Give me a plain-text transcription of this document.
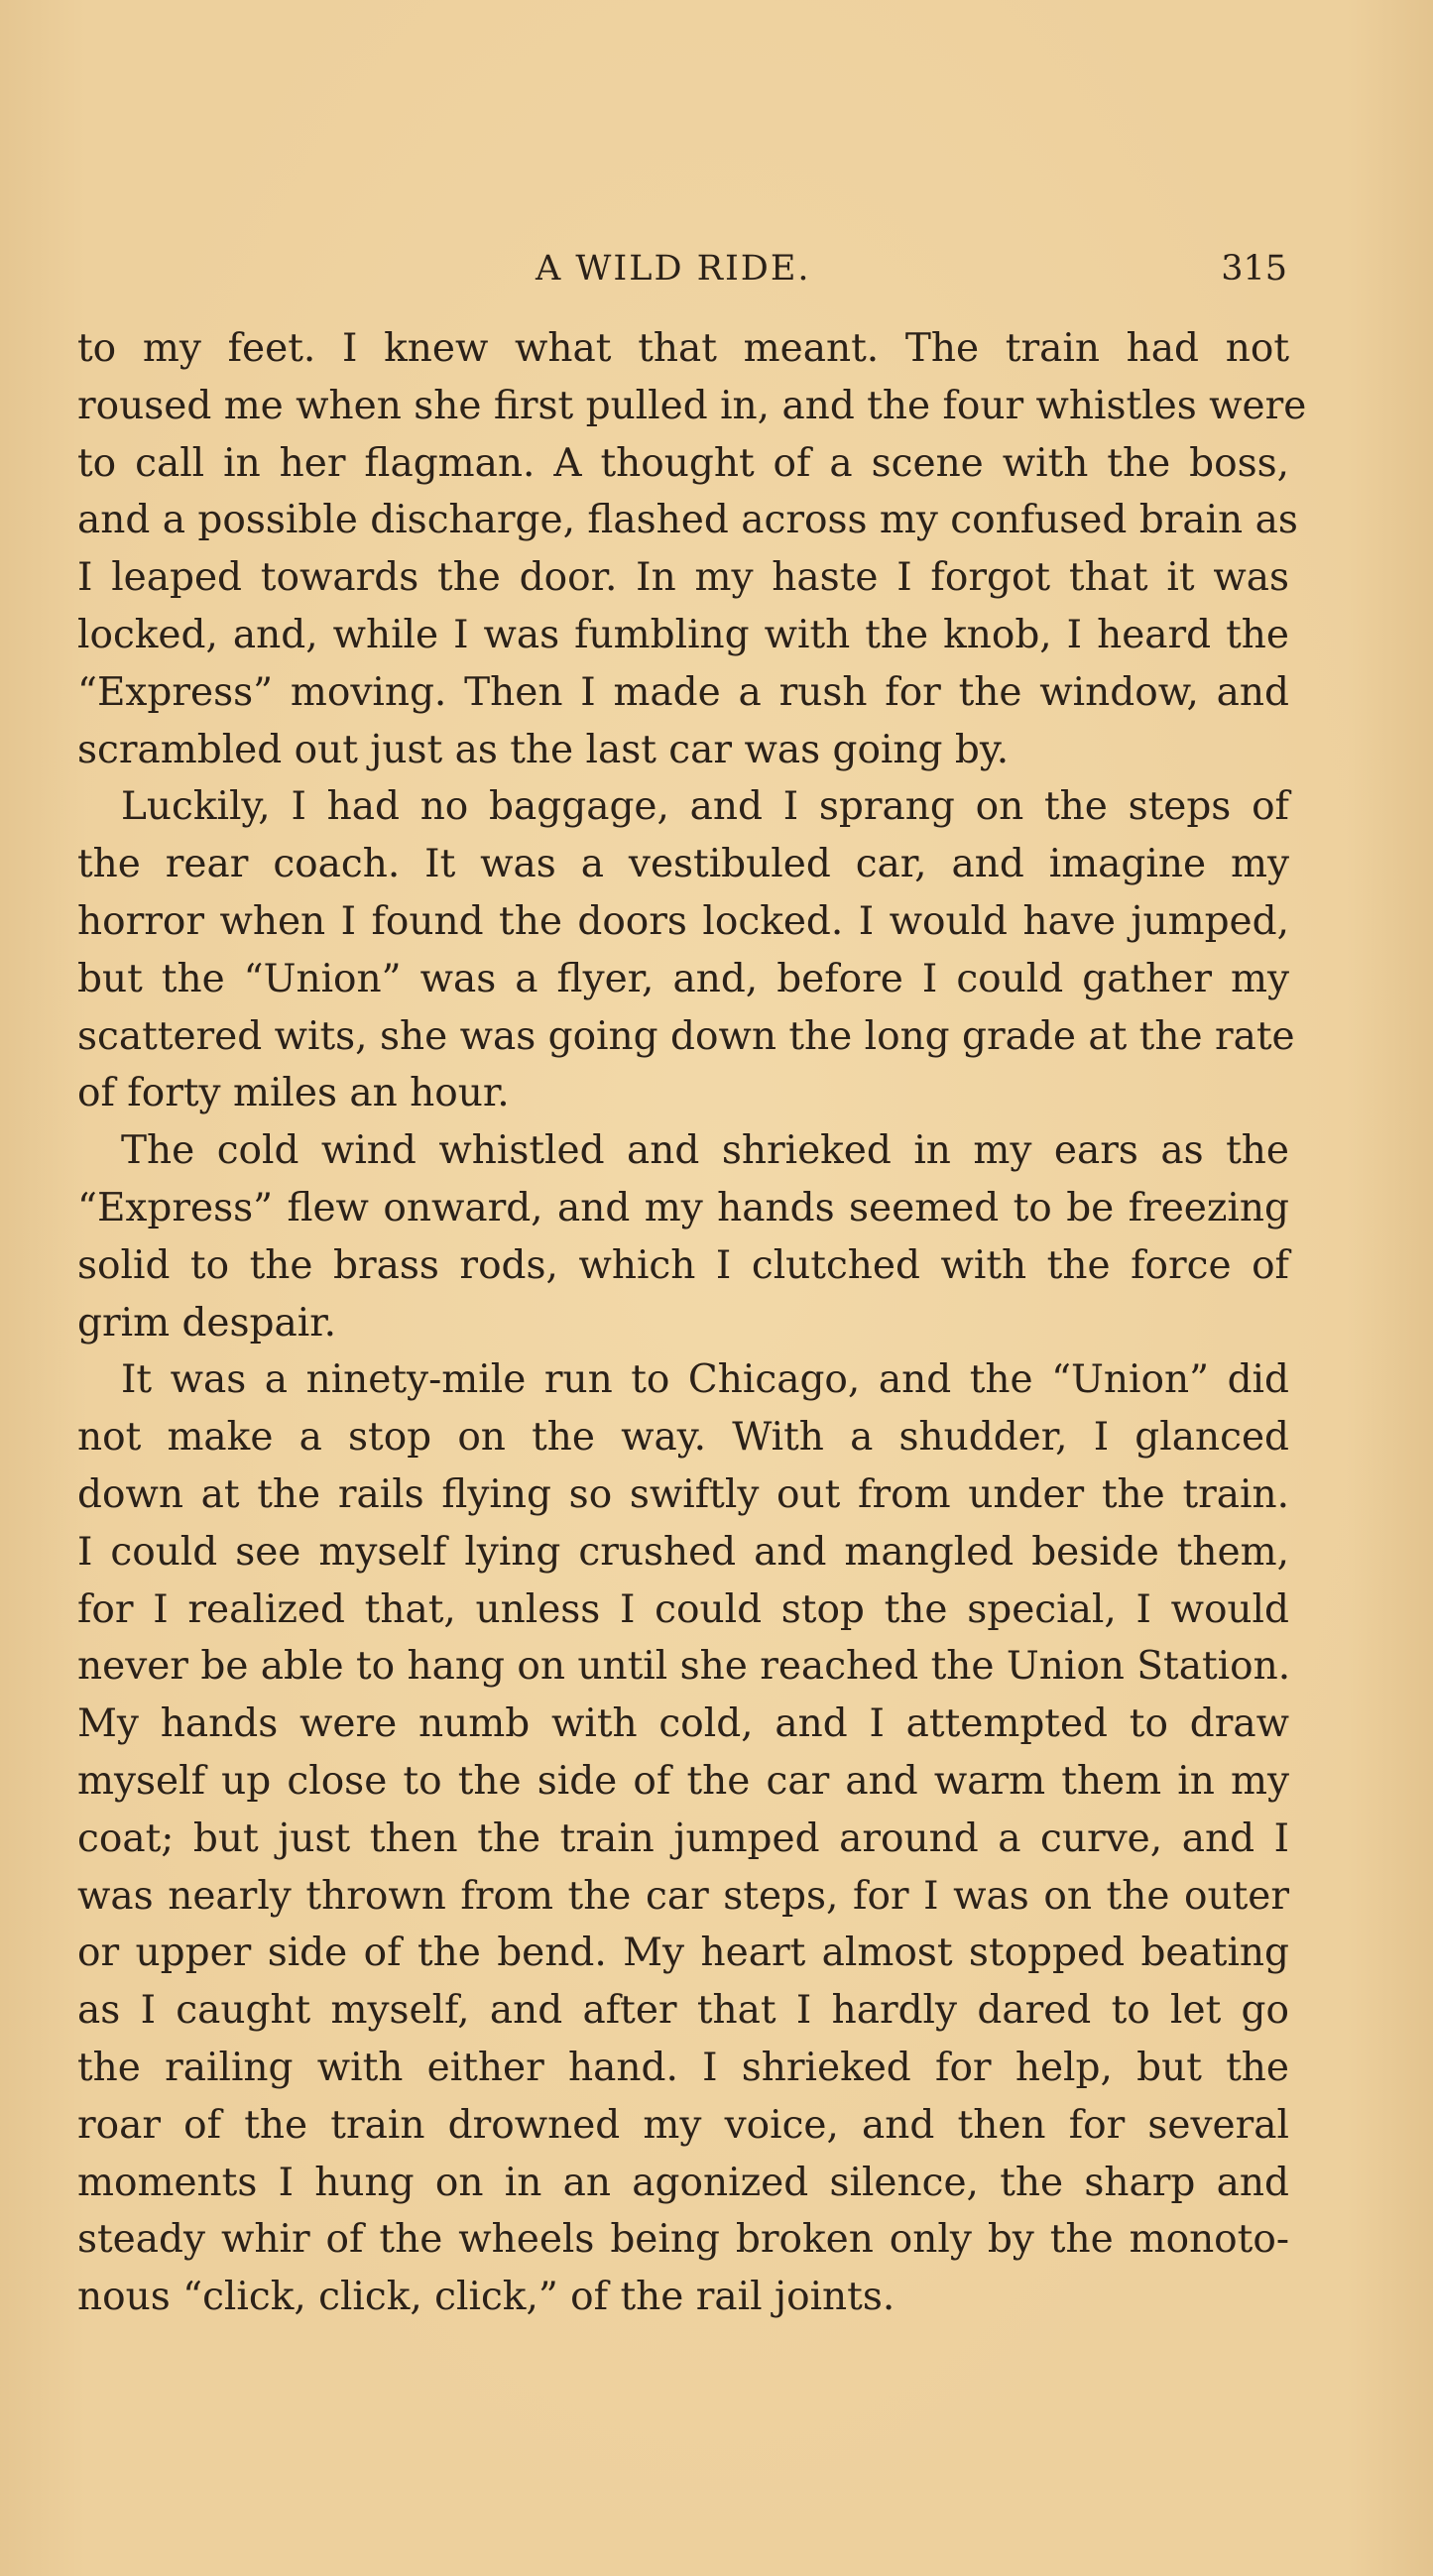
A WILD RIDE.	315
to my feet. I knew what that meant. The train had not
roused me when she first pulled in, and the four whistles were
to call in her flagman. A thought of a scene with the boss,
and a possible discharge, flashed across my confused brain as
I leaped towards the door. In my haste I forgot that it was
locked, and, while I was fumbling with the knob, I heard the
“Express” moving. Then I made a rush for the window, and
scrambled out just as the last car was going by.
Luckily, I had no baggage, and I sprang on the steps of
the rear coach. It was a vestibuled car, and imagine my
horror when I found the doors locked. I would have jumped,
but the “Union” was a flyer, and, before I could gather my
scattered wits, she was going down the long grade at the rate
of forty miles an hour.
The cold wind whistled and shrieked in my ears as the
“Express” flew onward, and my hands seemed to be freezing
solid to the brass rods, which I clutched with the force of
grim despair.
It was a ninety-mile run to Chicago, and the “Union” did
not make a stop on the way. With a shudder, I glanced
down at the rails flying so swiftly out from under the train.
I could see myself lying crushed and mangled beside them,
for I realized that, unless I could stop the special, I would
never be able to hang on until she reached the Union Station.
My hands were numb with cold, and I attempted to draw
myself up close to the side of the car and warm them in my
coat; but just then the train jumped around a curve, and I
was nearly thrown from the car steps, for I was on the outer
or upper side of the bend. My heart almost stopped beating
as I caught myself, and after that I hardly dared to let go
the railing with either hand. I shrieked for help, but the
roar of the train drowned my voice, and then for several
moments I hung on in an agonized silence, the sharp and
steady whir of the wheels being broken only by the monoto-
nous “click, click, click,” of the rail joints.
